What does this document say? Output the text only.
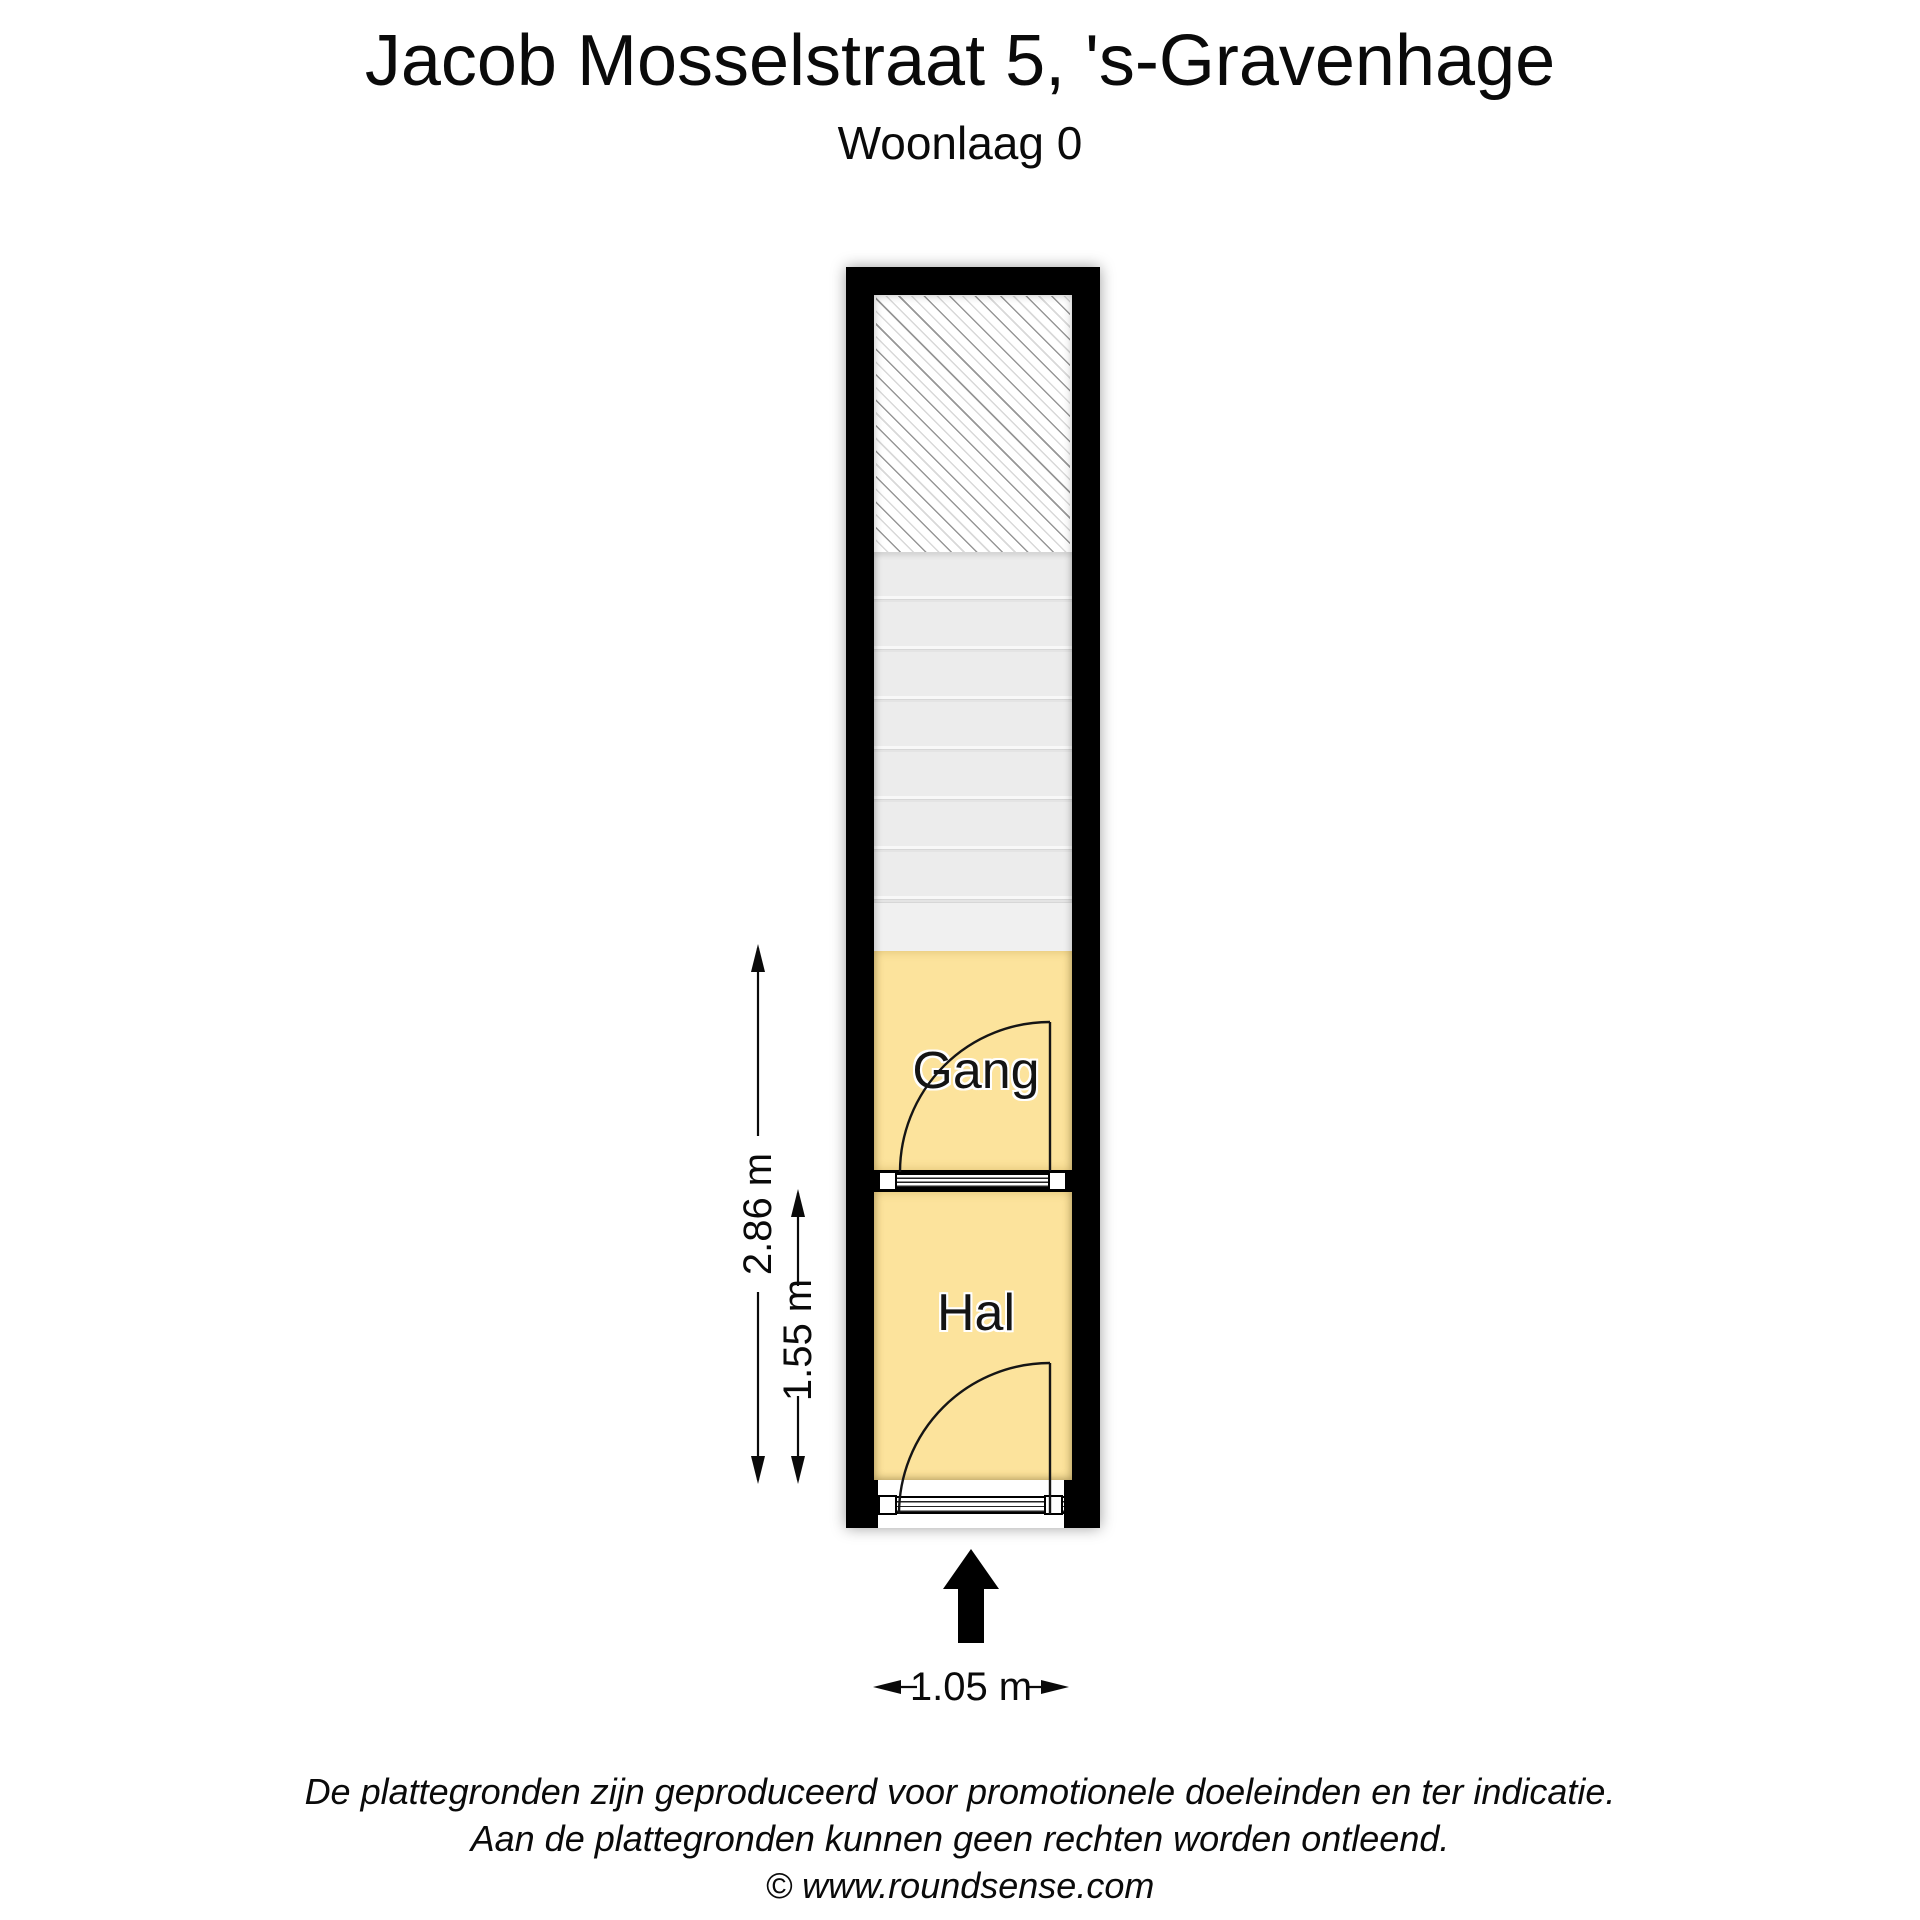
Jacob Mosselstraat 5, 's-Gravenhage
Woonlaag 0
Gang
Hal
2.86 m
1.55 m
1.05 m
De plattegronden zijn geproduceerd voor promotionele doeleinden en ter indicatie.
Aan de plattegronden kunnen geen rechten worden ontleend.
© www.roundsense.com
